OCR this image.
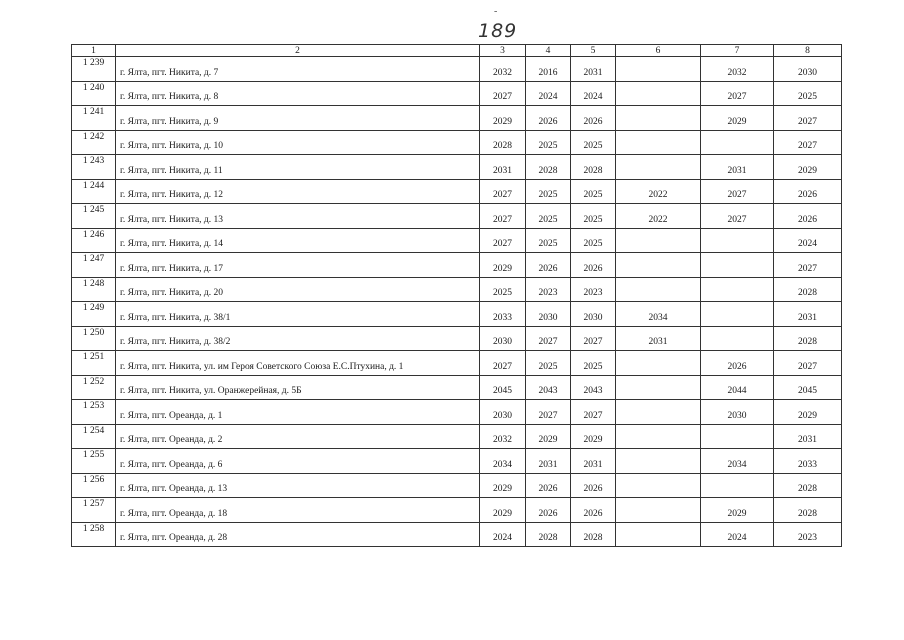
-
189
1	2	3	4	5	6	7	8
1 239	г. Ялта, пгт. Никита, д. 7	2032	2016	2031		2032	2030
1 240	г. Ялта, пгт. Никита, д. 8	2027	2024	2024		2027	2025
1 241	г. Ялта, пгт. Никита, д. 9	2029	2026	2026		2029	2027
1 242	г. Ялта, пгт. Никита, д. 10	2028	2025	2025			2027
1 243	г. Ялта, пгт. Никита, д. 11	2031	2028	2028		2031	2029
1 244	г. Ялта, пгт. Никита, д. 12	2027	2025	2025	2022	2027	2026
1 245	г. Ялта, пгт. Никита, д. 13	2027	2025	2025	2022	2027	2026
1 246	г. Ялта, пгт. Никита, д. 14	2027	2025	2025			2024
1 247	г. Ялта, пгт. Никита, д. 17	2029	2026	2026			2027
1 248	г. Ялта, пгт. Никита, д. 20	2025	2023	2023			2028
1 249	г. Ялта, пгт. Никита, д. 38/1	2033	2030	2030	2034		2031
1 250	г. Ялта, пгт. Никита, д. 38/2	2030	2027	2027	2031		2028
1 251	г. Ялта, пгт. Никита, ул. им Героя Советского Союза Е.С.Птухина, д. 1	2027	2025	2025		2026	2027
1 252	г. Ялта, пгт. Никита, ул. Оранжерейная, д. 5Б	2045	2043	2043		2044	2045
1 253	г. Ялта, пгт. Ореанда, д. 1	2030	2027	2027		2030	2029
1 254	г. Ялта, пгт. Ореанда, д. 2	2032	2029	2029			2031
1 255	г. Ялта, пгт. Ореанда, д. 6	2034	2031	2031		2034	2033
1 256	г. Ялта, пгт. Ореанда, д. 13	2029	2026	2026			2028
1 257	г. Ялта, пгт. Ореанда, д. 18	2029	2026	2026		2029	2028
1 258	г. Ялта, пгт. Ореанда, д. 28	2024	2028	2028		2024	2023
